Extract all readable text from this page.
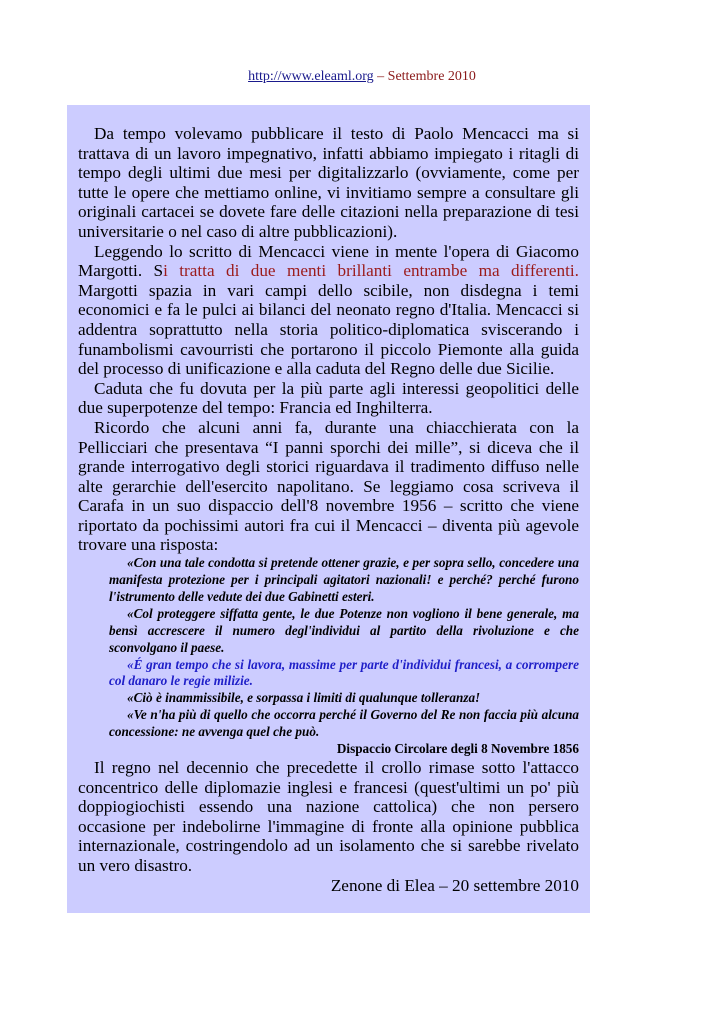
http://www.eleaml.org – Settembre 2010

Da tempo volevamo pubblicare il testo di Paolo Mencacci ma si trattava di un lavoro impegnativo, infatti abbiamo impiegato i ritagli di tempo degli ultimi due mesi per digitalizzarlo (ovviamente, come per tutte le opere che mettiamo online, vi invitiamo sempre a consultare gli originali cartacei se dovete fare delle citazioni nella preparazione di tesi universitarie o nel caso di altre pubblicazioni).

Leggendo lo scritto di Mencacci viene in mente l'opera di Giacomo Margotti. Si tratta di due menti brillanti entrambe ma differenti. Margotti spazia in vari campi dello scibile, non disdegna i temi economici e fa le pulci ai bilanci del neonato regno d'Italia. Mencacci si addentra soprattutto nella storia politico-diplomatica sviscerando i funambolismi cavourristi che portarono il piccolo Piemonte alla guida del processo di unificazione e alla caduta del Regno delle due Sicilie.

Caduta che fu dovuta per la più parte agli interessi geopolitici delle due superpotenze del tempo: Francia ed Inghilterra.

Ricordo che alcuni anni fa, durante una chiacchierata con la Pellicciari che presentava “I panni sporchi dei mille”, si diceva che il grande interrogativo degli storici riguardava il tradimento diffuso nelle alte gerarchie dell'esercito napolitano. Se leggiamo cosa scriveva il Carafa in un suo dispaccio dell'8 novembre 1956 – scritto che viene riportato da pochissimi autori fra cui il Mencacci – diventa più agevole trovare una risposta:

«Con una tale condotta si pretende ottener grazie, e per sopra sello, concedere una manifesta protezione per i principali agitatori nazionali! e perché? perché furono l'istrumento delle vedute dei due Gabinetti esteri.

«Col proteggere siffatta gente, le due Potenze non vogliono il bene generale, ma bensì accrescere il numero degl'individui al partito della rivoluzione e che sconvolgano il paese.

«É gran tempo che si lavora, massime per parte d'individui francesi, a corrompere col danaro le regie milizie.

«Ciò è inammissibile, e sorpassa i limiti di qualunque tolleranza!

«Ve n'ha più di quello che occorra perché il Governo del Re non faccia più alcuna concessione: ne avvenga quel che può.

Dispaccio Circolare degli 8 Novembre 1856

Il regno nel decennio che precedette il crollo rimase sotto l'attacco concentrico delle diplomazie inglesi e francesi (quest'ultimi un po' più doppiogiochisti essendo una nazione cattolica) che non persero occasione per indebolirne l'immagine di fronte alla opinione pubblica internazionale, costringendolo ad un isolamento che si sarebbe rivelato un vero disastro.

Zenone di Elea – 20 settembre 2010
